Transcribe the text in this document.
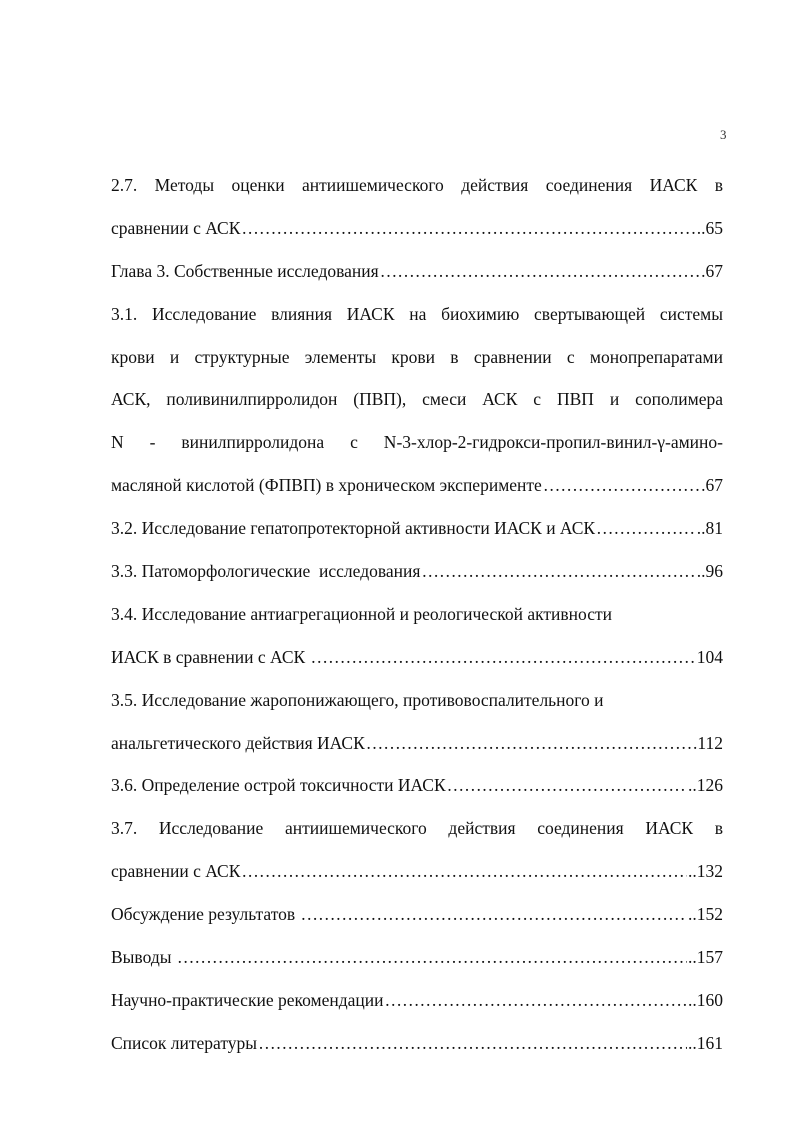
3
2.7. Методы оценки антиишемического действия соединения ИАСК в
сравнении с АСК …………………………………………………………………………………………………………………………………………………………………………………………	..65
Глава 3. Собственные исследования …………………………………………………………………………………………………………………………………………………………………………………………	.67
3.1. Исследование влияния ИАСК на биохимию свертывающей системы
крови и структурные элементы крови в сравнении с монопрепаратами
АСК, поливинилпирролидон (ПВП), смеси АСК с ПВП и сополимера
N - винилпирролидона с N-3-хлор-2-гидрокси-пропил-винил-γ-амино-
масляной кислотой (ФПВП) в хроническом эксперименте …………………………………………………………………………………………………………………………………………………………………………………………	.67
3.2. Исследование гепатопротекторной активности ИАСК и АСК …………………………………………………………………………………………………………………………………………………………………………………………	..81
3.3. Патоморфологические  исследования …………………………………………………………………………………………………………………………………………………………………………………………	..96
3.4. Исследование антиагрегационной и реологической активности
ИАСК в сравнении с АСК …………………………………………………………………………………………………………………………………………………………………………………………	104
3.5. Исследование жаропонижающего, противовоспалительного и
анальгетического действия ИАСК …………………………………………………………………………………………………………………………………………………………………………………………	.112
3.6. Определение острой токсичности ИАСК …………………………………………………………………………………………………………………………………………………………………………………………	..126
3.7. Исследование антиишемического действия соединения ИАСК в
сравнении с АСК …………………………………………………………………………………………………………………………………………………………………………………………	..132
Обсуждение результатов …………………………………………………………………………………………………………………………………………………………………………………………	..152
Выводы …………………………………………………………………………………………………………………………………………………………………………………………	..157
Научно-практические рекомендации …………………………………………………………………………………………………………………………………………………………………………………………	..160
Список литературы …………………………………………………………………………………………………………………………………………………………………………………………	..161
